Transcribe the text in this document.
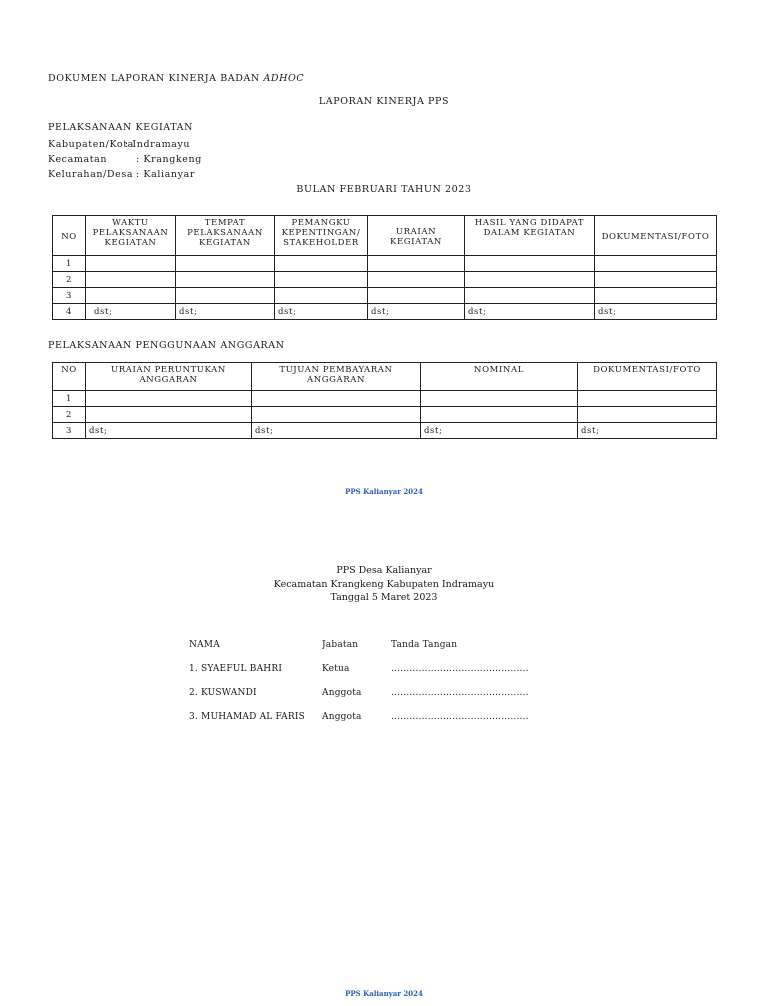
DOKUMEN LAPORAN KINERJA BADAN ADHOC
LAPORAN KINERJA PPS
PELAKSANAAN KEGIATAN
Kabupaten/Kota
: Indramayu
Kecamatan	: Krangkeng
Kelurahan/Desa : Kalianyar
BULAN FEBRUARI TAHUN 2023
NO	WAKTU PELAKSANAAN KEGIATAN	TEMPAT PELAKSANAAN KEGIATAN	PEMANGKU KEPENTINGAN/ STAKEHOLDER	URAIAN KEGIATAN	HASIL YANG DIDAPAT DALAM KEGIATAN	DOKUMENTASI/FOTO
1						
2						
3						
4	dst;	dst;	dst;	dst;	dst;	dst;
PELAKSANAAN PENGGUNAAN ANGGARAN
NO	URAIAN PERUNTUKAN ANGGARAN	TUJUAN PEMBAYARAN ANGGARAN	NOMINAL	DOKUMENTASI/FOTO
1				
2				
3	dst;	dst;	dst;	dst;
PPS Kalianyar 2024
PPS Desa Kalianyar
Kecamatan Krangkeng Kabupaten Indramayu
Tanggal 5 Maret 2023
NAMA	Jabatan	Tanda Tangan
1. SYAEFUL BAHRI	Ketua	.............................................
2. KUSWANDI	Anggota	.............................................
3. MUHAMAD AL FARIS	Anggota	.............................................
PPS Kalianyar 2024
